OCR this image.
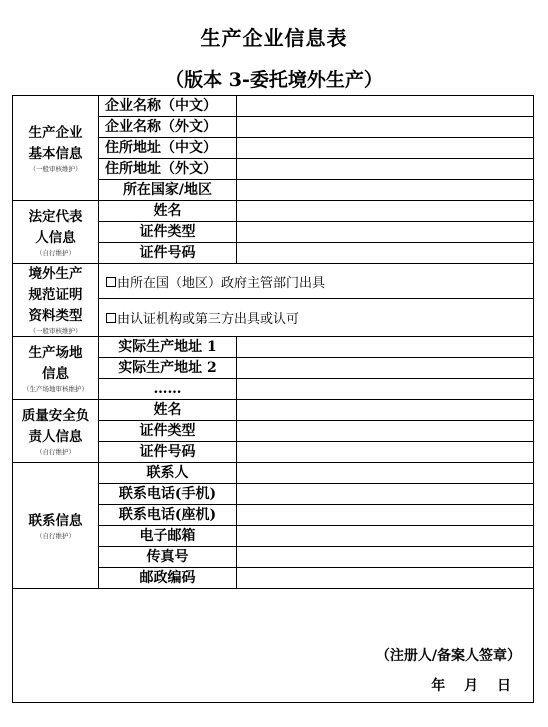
生产企业信息表
（版本 3-委托境外生产）
生产企业
基本信息
（一般审核维护）	企业名称（中文）	
	企业名称（外文）	
	住所地址（中文）	
	住所地址（外文）	
	所在国家/地区	
法定代表
人信息
（自行维护）	姓名	
	证件类型	
	证件号码	
境外生产
规范证明
资料类型
（一般审核维护）	由所在国（地区）政府主管部门出具	
	由认证机构或第三方出具或认可	
生产场地
信息
（生产场地审核维护）	实际生产地址 1	
	实际生产地址 2	
	……	
质量安全负
责人信息
（自行维护）	姓名	
	证件类型	
	证件号码	
联系信息
（自行维护）	联系人	
	联系电话(手机)	
	联系电话(座机)	
	电子邮箱	
	传真号	
	邮政编码	

（注册人/备案人签章）
年 月 日		
